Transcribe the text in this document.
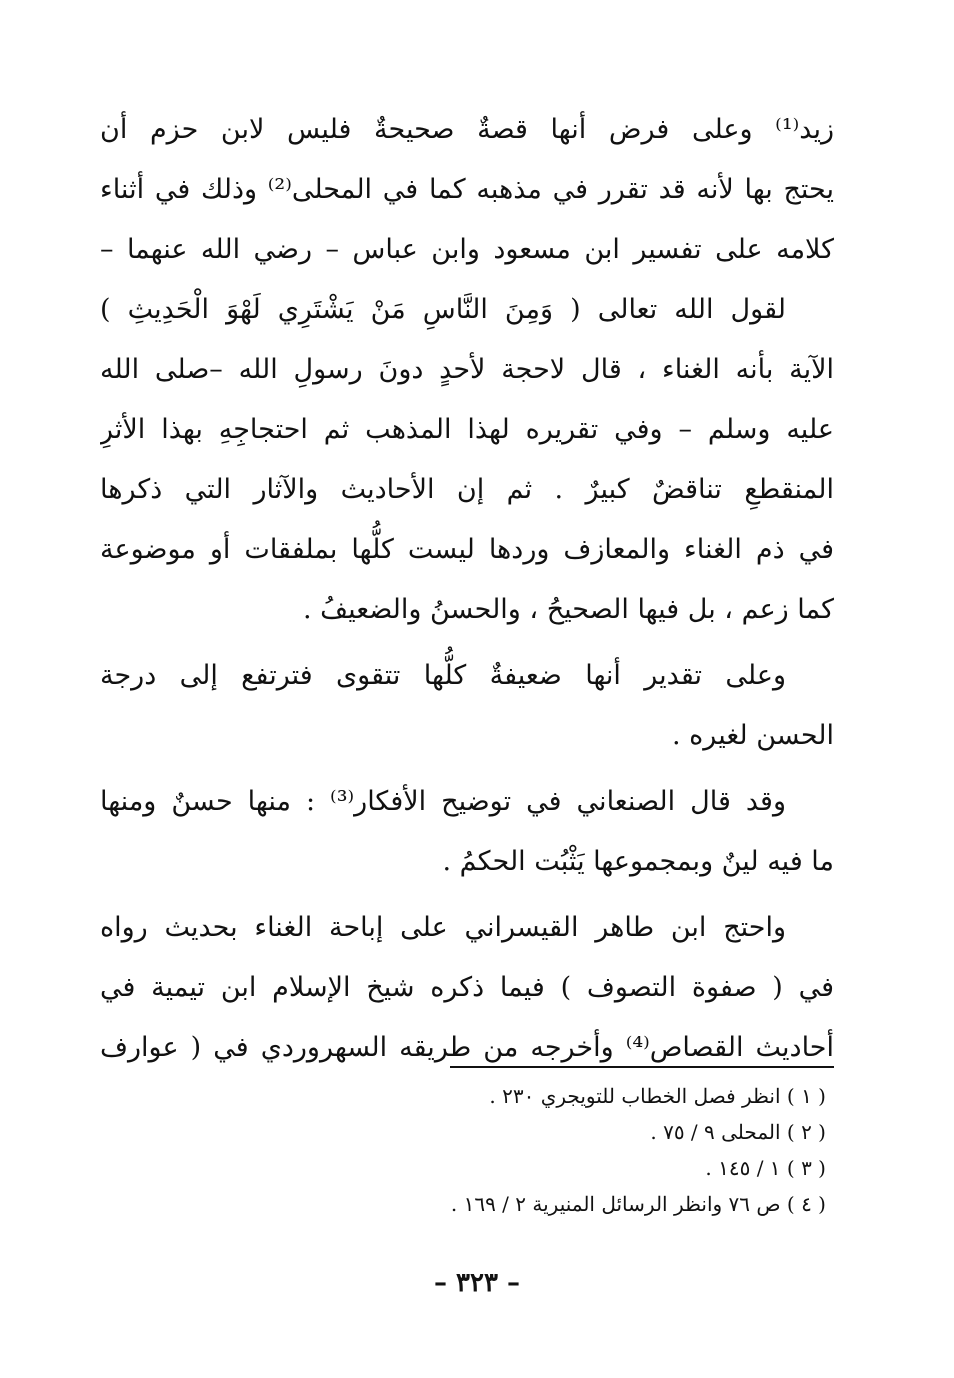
زيد⁽¹⁾ وعلى فرض أنها قصةٌ صحيحةٌ فليس لابن حزم أن
يحتج بها لأنه قد تقرر في مذهبه كما في المحلى⁽²⁾ وذلك في أثناء
كلامه على تفسير ابن مسعود وابن عباس – رضي الله عنهما –
لقول الله تعالى ( وَمِنَ النَّاسِ مَنْ يَشْتَرِي لَهْوَ الْحَدِيثِ )
الآية بأنه الغناء ، قال لاحجة لأحدٍ دونَ رسولِ الله –صلى الله
عليه وسلم – وفي تقريره لهذا المذهب ثم احتجاجِهِ بهذا الأثرِ
المنقطعِ تناقضٌ كبيرٌ . ثم إن الأحاديث والآثار التي ذكرها
في ذم الغناء والمعازف وردها ليست كلُّها بملفقات أو موضوعة
كما زعم ، بل فيها الصحيحُ ، والحسنُ والضعيفُ .
وعلى تقدير أنها ضعيفةٌ كلُّها تتقوى فترتفع إلى درجة
الحسن لغيره .
وقد قال الصنعاني في توضيح الأفكار⁽³⁾ : منها حسنٌ ومنها
ما فيه لينٌ وبمجموعها يَثْبُت الحكمُ .
واحتج ابن طاهر القيسراني على إباحة الغناء بحديث رواه
في ( صفوة التصوف ) فيما ذكره شيخ الإسلام ابن تيمية في
أحاديث القصاص⁽⁴⁾ وأخرجه من طريقه السهروردي في ( عوارف
( ١ ) انظر فصل الخطاب للتويجري ٢٣٠ .
( ٢ ) المحلى ٩ / ٧٥ .
( ٣ ) ١ / ١٤٥ .
( ٤ ) ص ٧٦ وانظر الرسائل المنيرية ٢ / ١٦٩ .
– ٣٢٣ –
